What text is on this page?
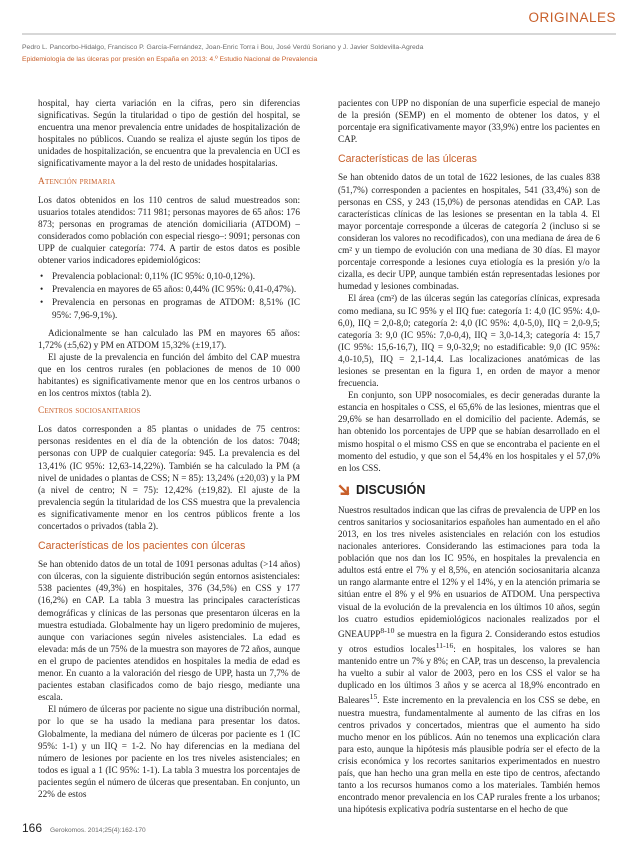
ORIGINALES
Pedro L. Pancorbo-Hidalgo, Francisco P. García-Fernández, Joan-Enric Torra i Bou, José Verdú Soriano y J. Javier Soldevilla-Agreda
Epidemiología de las úlceras por presión en España en 2013: 4.º Estudio Nacional de Prevalencia

hospital, hay cierta variación en la cifras, pero sin diferencias significativas. Según la titularidad o tipo de gestión del hospital, se encuentra una menor prevalencia entre unidades de hospitalización de hospitales no públicos. Cuando se realiza el ajuste según los tipos de unidades de hospitalización, se encuentra que la prevalencia en UCI es significativamente mayor a la del resto de unidades hospitalarias.

Atención primaria

Los datos obtenidos en los 110 centros de salud muestreados son: usuarios totales atendidos: 711 981; personas mayores de 65 años: 176 873; personas en programas de atención domiciliaria (ATDOM) –considerados como población con especial riesgo–: 9091; personas con UPP de cualquier categoría: 774. A partir de estos datos es posible obtener varios indicadores epidemiológicos:

• Prevalencia poblacional: 0,11% (IC 95%: 0,10-0,12%).
• Prevalencia en mayores de 65 años: 0,44% (IC 95%: 0,41-0,47%).
• Prevalencia en personas en programas de ATDOM: 8,51% (IC 95%: 7,96-9,1%).

Adicionalmente se han calculado las PM en mayores 65 años: 1,72% (±5,62) y PM en ATDOM 15,32% (±19,17).

El ajuste de la prevalencia en función del ámbito del CAP muestra que en los centros rurales (en poblaciones de menos de 10 000 habitantes) es significativamente menor que en los centros urbanos o en los centros mixtos (tabla 2).

Centros sociosanitarios

Los datos corresponden a 85 plantas o unidades de 75 centros: personas residentes en el día de la obtención de los datos: 7048; personas con UPP de cualquier categoría: 945. La prevalencia es del 13,41% (IC 95%: 12,63-14,22%). También se ha calculado la PM (a nivel de unidades o plantas de CSS; N = 85): 13,24% (±20,03) y la PM (a nivel de centro; N = 75): 12,42% (±19,82). El ajuste de la prevalencia según la titularidad de los CSS muestra que la prevalencia es significativamente menor en los centros públicos frente a los concertados o privados (tabla 2).

Características de los pacientes con úlceras

Se han obtenido datos de un total de 1091 personas adultas (>14 años) con úlceras, con la siguiente distribución según entornos asistenciales: 538 pacientes (49,3%) en hospitales, 376 (34,5%) en CSS y 177 (16,2%) en CAP. La tabla 3 muestra las principales características demográficas y clínicas de las personas que presentaron úlceras en la muestra estudiada. Globalmente hay un ligero predominio de mujeres, aunque con variaciones según niveles asistenciales. La edad es elevada: más de un 75% de la muestra son mayores de 72 años, aunque en el grupo de pacientes atendidos en hospitales la media de edad es menor. En cuanto a la valoración del riesgo de UPP, hasta un 7,7% de pacientes estaban clasificados como de bajo riesgo, mediante una escala.

El número de úlceras por paciente no sigue una distribución normal, por lo que se ha usado la mediana para presentar los datos. Globalmente, la mediana del número de úlceras por paciente es 1 (IC 95%: 1-1) y un IIQ = 1-2. No hay diferencias en la mediana del número de lesiones por paciente en los tres niveles asistenciales; en todos es igual a 1 (IC 95%: 1-1). La tabla 3 muestra los porcentajes de pacientes según el número de úlceras que presentaban. En conjunto, un 22% de estos

pacientes con UPP no disponían de una superficie especial de manejo de la presión (SEMP) en el momento de obtener los datos, y el porcentaje era significativamente mayor (33,9%) entre los pacientes en CAP.

Características de las úlceras

Se han obtenido datos de un total de 1622 lesiones, de las cuales 838 (51,7%) corresponden a pacientes en hospitales, 541 (33,4%) son de personas en CSS, y 243 (15,0%) de personas atendidas en CAP. Las características clínicas de las lesiones se presentan en la tabla 4. El mayor porcentaje corresponde a úlceras de categoría 2 (incluso si se consideran los valores no recodificados), con una mediana de área de 6 cm² y un tiempo de evolución con una mediana de 30 días. El mayor porcentaje corresponde a lesiones cuya etiología es la presión y/o la cizalla, es decir UPP, aunque también están representadas lesiones por humedad y lesiones combinadas.

El área (cm²) de las úlceras según las categorías clínicas, expresada como mediana, su IC 95% y el IIQ fue: categoría 1: 4,0 (IC 95%: 4,0-6,0), IIQ = 2,0-8,0; categoría 2: 4,0 (IC 95%: 4,0-5,0), IIQ = 2,0-9,5; categoría 3: 9,0 (IC 95%: 7,0-0,4), IIQ = 3,0-14,3; categoría 4: 15,7 (IC 95%: 15,6-16,7), IIQ = 9,0-32,9; no estadificable: 9,0 (IC 95%: 4,0-10,5), IIQ = 2,1-14,4. Las localizaciones anatómicas de las lesiones se presentan en la figura 1, en orden de mayor a menor frecuencia.

En conjunto, son UPP nosocomiales, es decir generadas durante la estancia en hospitales o CSS, el 65,6% de las lesiones, mientras que el 29,6% se han desarrollado en el domicilio del paciente. Además, se han obtenido los porcentajes de UPP que se habían desarrollado en el mismo hospital o el mismo CSS en que se encontraba el paciente en el momento del estudio, y que son el 54,4% en los hospitales y el 57,0% en los CSS.

DISCUSIÓN

Nuestros resultados indican que las cifras de prevalencia de UPP en los centros sanitarios y sociosanitarios españoles han aumentado en el año 2013, en los tres niveles asistenciales en relación con los estudios nacionales anteriores. Considerando las estimaciones para toda la población que nos dan los IC 95%, en hospitales la prevalencia en adultos está entre el 7% y el 8,5%, en atención sociosanitaria alcanza un rango alarmante entre el 12% y el 14%, y en la atención primaria se sitúan entre el 8% y el 9% en usuarios de ATDOM. Una perspectiva visual de la evolución de la prevalencia en los últimos 10 años, según los cuatro estudios epidemiológicos nacionales realizados por el GNEAUPP$^{8-10}$ se muestra en la figura 2. Considerando estos estudios y otros estudios locales$^{11-16}$: en hospitales, los valores se han mantenido entre un 7% y 8%; en CAP, tras un descenso, la prevalencia ha vuelto a subir al valor de 2003, pero en los CSS el valor se ha duplicado en los últimos 3 años y se acerca al 18,9% encontrado en Baleares$^{15}$. Este incremento en la prevalencia en los CSS se debe, en nuestra muestra, fundamentalmente al aumento de las cifras en los centros privados y concertados, mientras que el aumento ha sido mucho menor en los públicos. Aún no tenemos una explicación clara para esto, aunque la hipótesis más plausible podría ser el efecto de la crisis económica y los recortes sanitarios experimentados en nuestro país, que han hecho una gran mella en este tipo de centros, afectando tanto a los recursos humanos como a los materiales. También hemos encontrado menor prevalencia en los CAP rurales frente a los urbanos; una hipótesis explicativa podría sustentarse en el hecho de que

166 Gerokomos. 2014;25(4):162-170
